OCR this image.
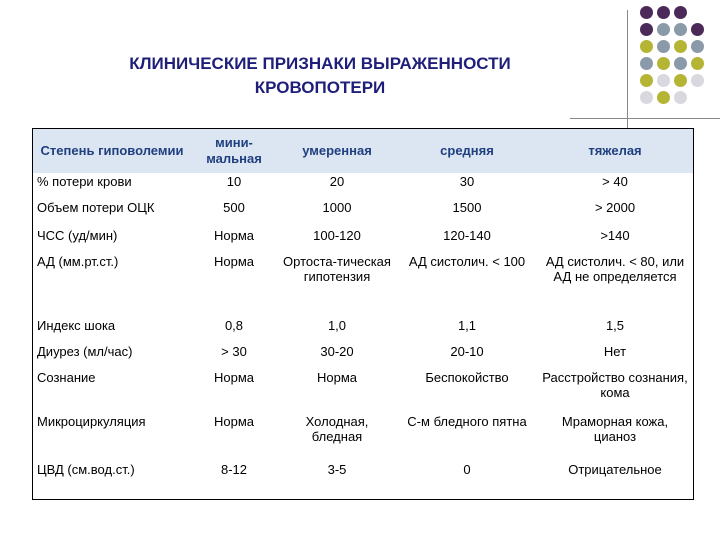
КЛИНИЧЕСКИЕ ПРИЗНАКИ ВЫРАЖЕННОСТИ
КРОВОПОТЕРИ
Степень гиповолемии	мини-мальная	умеренная	средняя	тяжелая
% потери крови	10	20	30	> 40
Объем потери ОЦК	500	1000	1500	> 2000
ЧСС (уд/мин)	Норма	100-120	120-140	>140
АД (мм.рт.ст.)	Норма	Ортоста-тическая гипотензия	АД систолич. < 100	АД систолич. < 80, или АД не определяется
Индекс шока	0,8	1,0	1,1	1,5
Диурез (мл/час)	> 30	30-20	20-10	Нет
Сознание	Норма	Норма	Беспокойство	Расстройство сознания, кома
Микроциркуляция	Норма	Холодная, бледная	С-м бледного пятна	Мраморная кожа, цианоз
ЦВД (см.вод.ст.)	8-12	3-5	0	Отрицательное
